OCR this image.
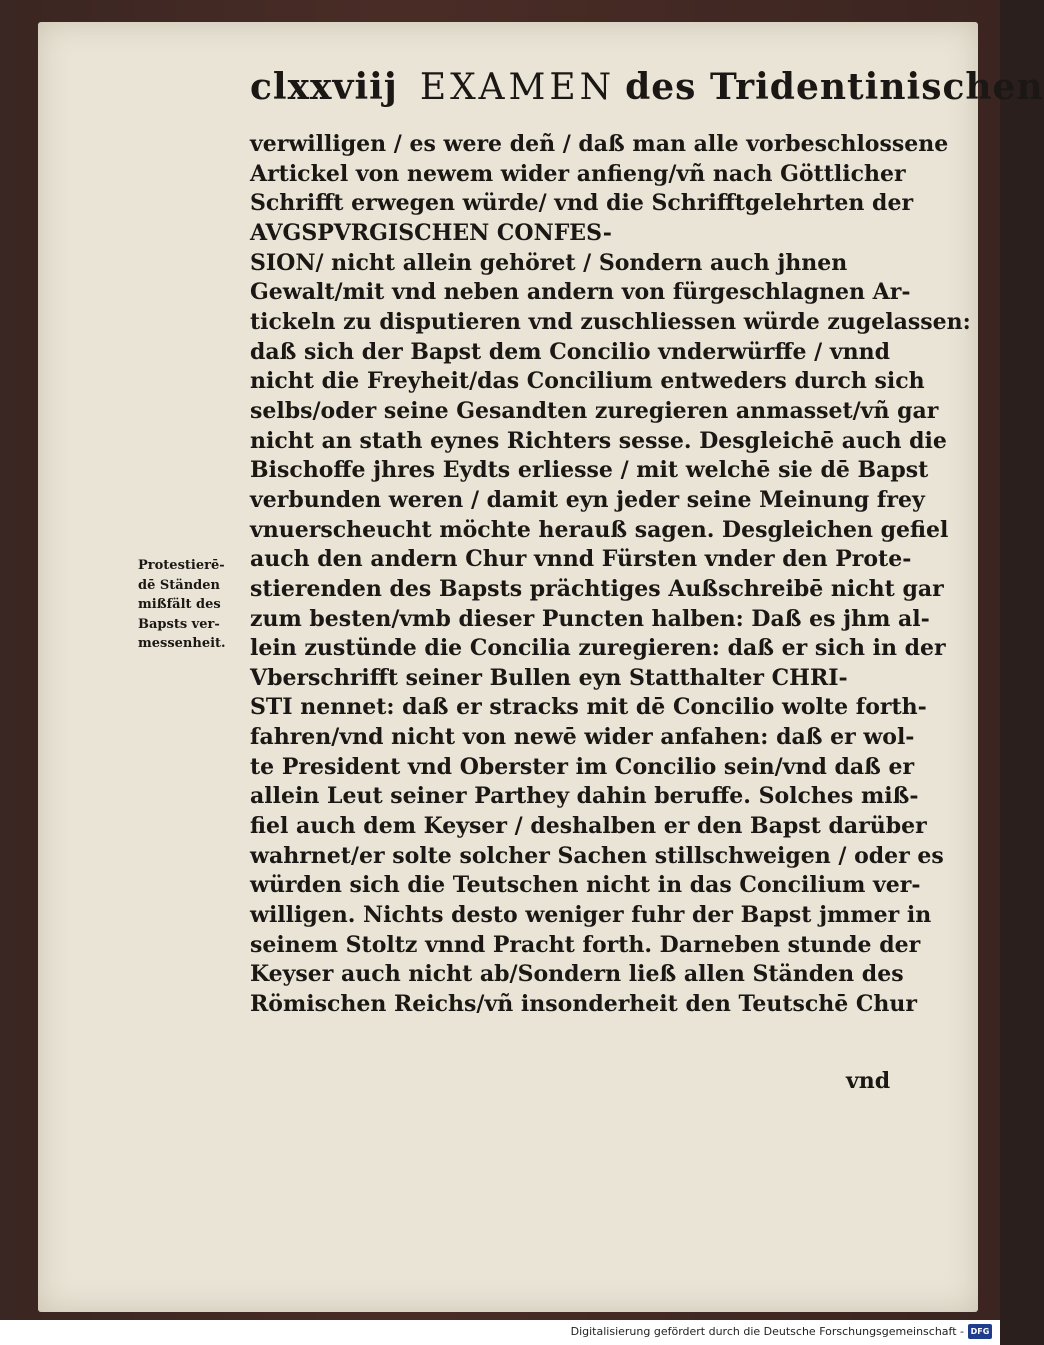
clxxviij EXAMEN des Tridentinischen
Protestierē-
dē Ständen
mißfält des
Bapsts ver-
messenheit.
verwilligen / es were deñ / daß man alle vorbeschlossene
Artickel von newem wider anfieng/vñ nach Göttlicher
Schrifft erwegen würde/ vnd die Schrifftgelehrten der
AVGSPVRGISCHEN CONFES-
SION/ nicht allein gehöret / Sondern auch jhnen
Gewalt/mit vnd neben andern von fürgeschlagnen Ar-
tickeln zu disputieren vnd zuschliessen würde zugelassen:
daß sich der Bapst dem Concilio vnderwürffe / vnnd
nicht die Freyheit/das Concilium entweders durch sich
selbs/oder seine Gesandten zuregieren anmasset/vñ gar
nicht an stath eynes Richters sesse. Desgleichē auch die
Bischoffe jhres Eydts erliesse / mit welchē sie dē Bapst
verbunden weren / damit eyn jeder seine Meinung frey
vnuerscheucht möchte herauß sagen. Desgleichen gefiel
auch den andern Chur vnnd Fürsten vnder den Prote-
stierenden des Bapsts prächtiges Außschreibē nicht gar
zum besten/vmb dieser Puncten halben: Daß es jhm al-
lein zustünde die Concilia zuregieren: daß er sich in der
Vberschrifft seiner Bullen eyn Statthalter CHRI-
STI nennet: daß er stracks mit dē Concilio wolte forth-
fahren/vnd nicht von newē wider anfahen: daß er wol-
te President vnd Oberster im Concilio sein/vnd daß er
allein Leut seiner Parthey dahin beruffe. Solches miß-
fiel auch dem Keyser / deshalben er den Bapst darüber
wahrnet/er solte solcher Sachen stillschweigen / oder es
würden sich die Teutschen nicht in das Concilium ver-
willigen. Nichts desto weniger fuhr der Bapst jmmer in
seinem Stoltz vnnd Pracht forth. Darneben stunde der
Keyser auch nicht ab/Sondern ließ allen Ständen des
Römischen Reichs/vñ insonderheit den Teutschē Chur
vnd
Digitalisierung gefördert durch die Deutsche Forschungsgemeinschaft - DFG
